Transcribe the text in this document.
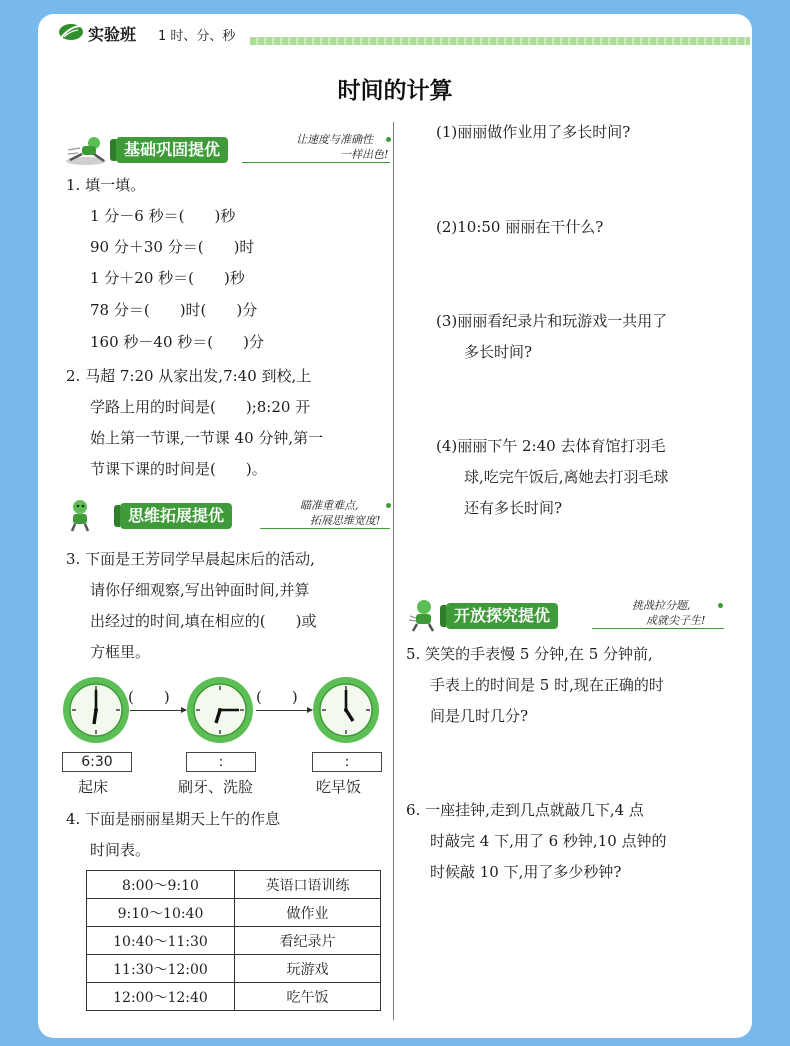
实验班 1 时、分、秒
时间的计算
基础巩固提优
让速度与准确性
一样出色!
1. 填一填。
1 分－6 秒＝(　　)秒
90 分＋30 分＝(　　)时
1 分＋20 秒＝(　　)秒
78 分＝(　　)时(　　)分
160 秒－40 秒＝(　　)分
2. 马超 7:20 从家出发,7:40 到校,上
学路上用的时间是(　　);8:20 开
始上第一节课,一节课 40 分钟,第一
节课下课的时间是(　　)。
思维拓展提优
瞄准重难点,
拓展思维宽度!
3. 下面是王芳同学早晨起床后的活动,
请你仔细观察,写出钟面时间,并算
出经过的时间,填在相应的(　　)或
方框里。
(　　)	(　　)
6:30	:	:
起床	刷牙、洗脸	吃早饭
4. 下面是丽丽星期天上午的作息
时间表。
8:00～9:10	英语口语训练
9:10～10:40	做作业
10:40～11:30	看纪录片
11:30～12:00	玩游戏
12:00～12:40	吃午饭
(1)丽丽做作业用了多长时间?
(2)10:50 丽丽在干什么?
(3)丽丽看纪录片和玩游戏一共用了
多长时间?
(4)丽丽下午 2:40 去体育馆打羽毛
球,吃完午饭后,离她去打羽毛球
还有多长时间?
开放探究提优
挑战拉分题,
成就尖子生!
5. 笑笑的手表慢 5 分钟,在 5 分钟前,
手表上的时间是 5 时,现在正确的时
间是几时几分?
6. 一座挂钟,走到几点就敲几下,4 点
时敲完 4 下,用了 6 秒钟,10 点钟的
时候敲 10 下,用了多少秒钟?
